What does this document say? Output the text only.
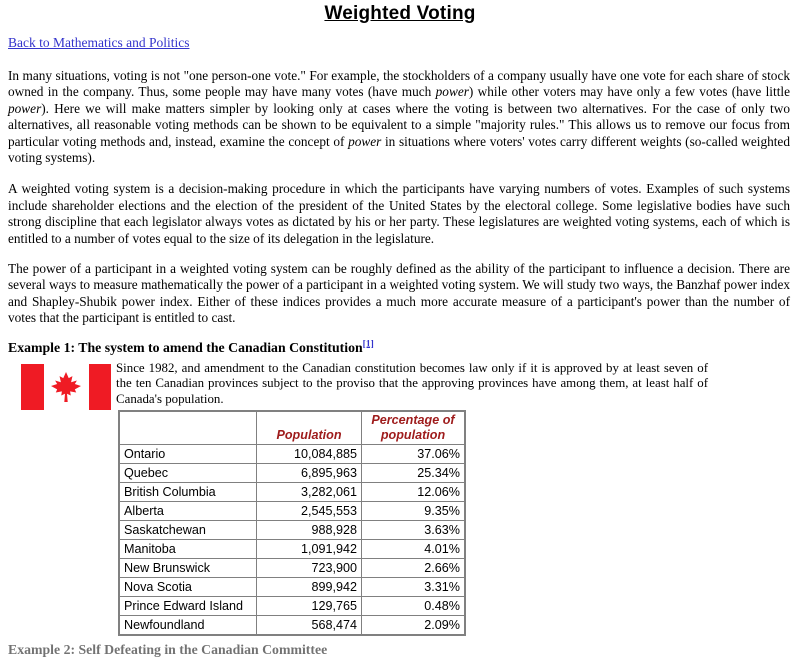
Weighted Voting
Back to Mathematics and Politics

In many situations, voting is not "one person-one vote." For example, the stockholders of a company usually have one vote for each share of stock owned in the company. Thus, some people may have many votes (have much power) while other voters may have only a few votes (have little power). Here we will make matters simpler by looking only at cases where the voting is between two alternatives. For the case of only two alternatives, all reasonable voting methods can be shown to be equivalent to a simple "majority rules." This allows us to remove our focus from particular voting methods and, instead, examine the concept of power in situations where voters' votes carry different weights (so-called weighted voting systems).

A weighted voting system is a decision-making procedure in which the participants have varying numbers of votes. Examples of such systems include shareholder elections and the election of the president of the United States by the electoral college. Some legislative bodies have such strong discipline that each legislator always votes as dictated by his or her party. These legislatures are weighted voting systems, each of which is entitled to a number of votes equal to the size of its delegation in the legislature.

The power of a participant in a weighted voting system can be roughly defined as the ability of the participant to influence a decision. There are several ways to measure mathematically the power of a participant in a weighted voting system. We will study two ways, the Banzhaf power index and Shapley-Shubik power index. Either of these indices provides a much more accurate measure of a participant's power than the number of votes that the participant is entitled to cast.

Example 1: The system to amend the Canadian Constitution[1]
Since 1982, and amendment to the Canadian constitution becomes law only if it is approved by at least seven of the ten Canadian provinces subject to the proviso that the approving provinces have among them, at least half of Canada's population.
	Population	Percentage of population
Ontario	10,084,885	37.06%
Quebec	6,895,963	25.34%
British Columbia	3,282,061	12.06%
Alberta	2,545,553	9.35%
Saskatchewan	988,928	3.63%
Manitoba	1,091,942	4.01%
New Brunswick	723,900	2.66%
Nova Scotia	899,942	3.31%
Prince Edward Island	129,765	0.48%
Newfoundland	568,474	2.09%
Example 2: Self Defeating in the Canadian Committee
